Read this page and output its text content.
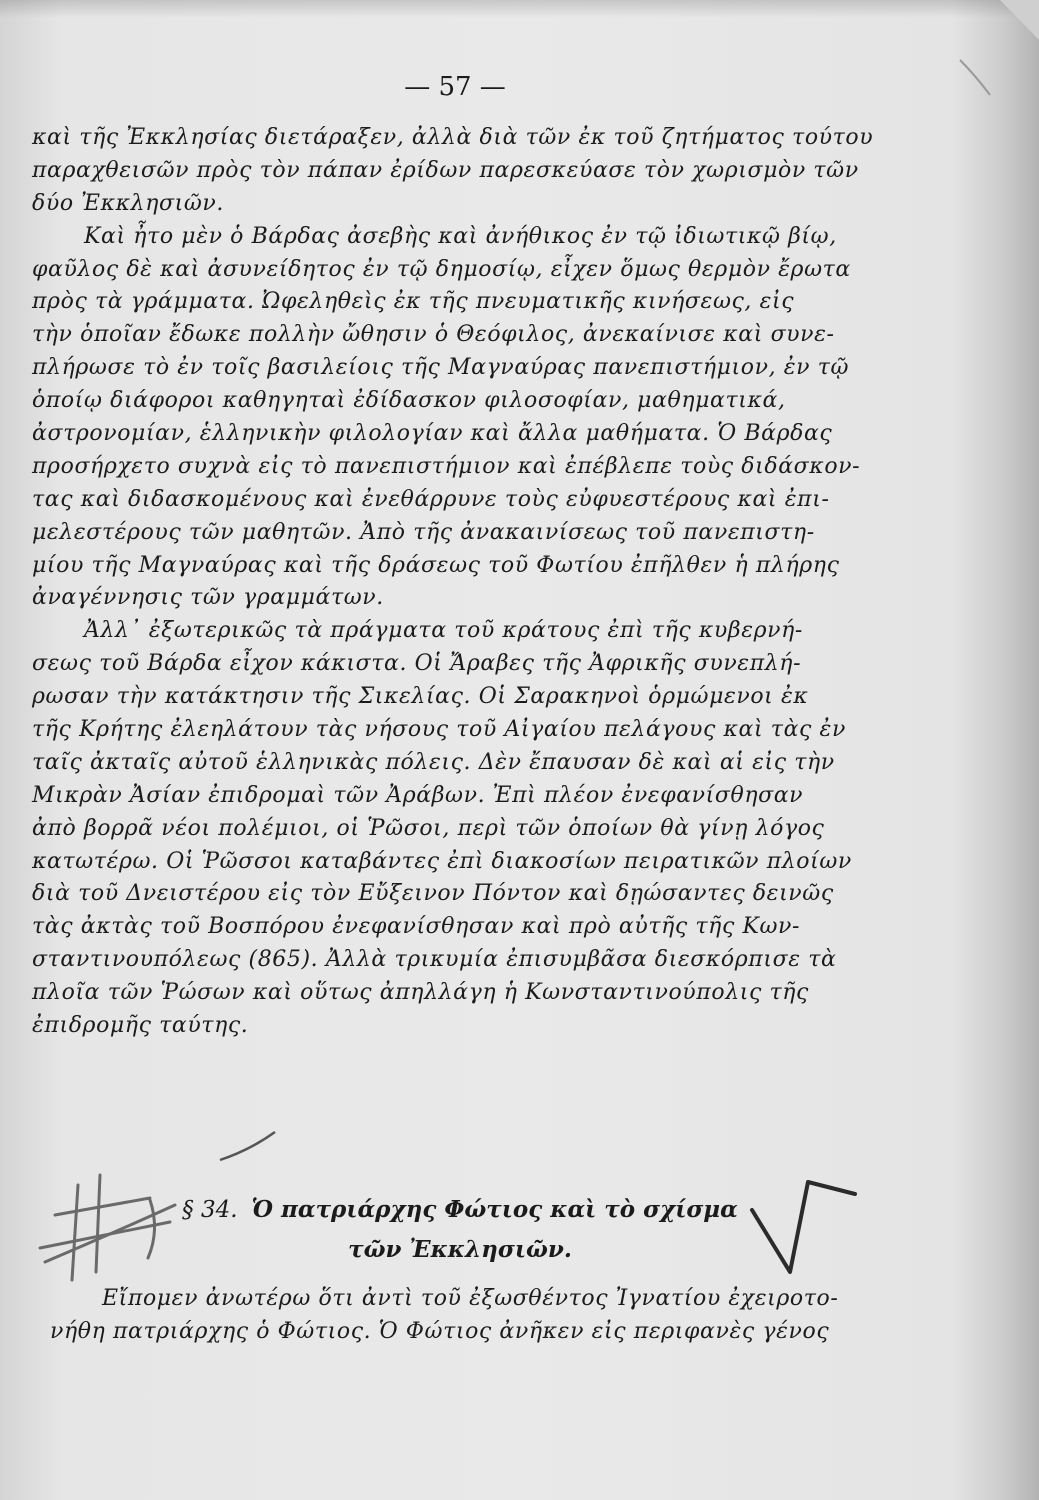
— 57 —
καὶ τῆς Ἐκκλησίας διετάραξεν, ἀλλὰ διὰ τῶν ἐκ τοῦ ζητήματος τούτου
παραχθεισῶν πρὸς τὸν πάπαν ἐρίδων παρεσκεύασε τὸν χωρισμὸν τῶν
δύο Ἐκκλησιῶν.
Καὶ ἦτο μὲν ὁ Βάρδας ἀσεβὴς καὶ ἀνήθικος ἐν τῷ ἰδιωτικῷ βίῳ,
φαῦλος δὲ καὶ ἀσυνείδητος ἐν τῷ δημοσίῳ, εἶχεν ὅμως θερμὸν ἔρωτα
πρὸς τὰ γράμματα. Ὠφεληθεὶς ἐκ τῆς πνευματικῆς κινήσεως, εἰς
τὴν ὁποῖαν ἔδωκε πολλὴν ὤθησιν ὁ Θεόφιλος, ἀνεκαίνισε καὶ συνε-
πλήρωσε τὸ ἐν τοῖς βασιλείοις τῆς Μαγναύρας πανεπιστήμιον, ἐν τῷ
ὁποίῳ διάφοροι καθηγηταὶ ἐδίδασκον φιλοσοφίαν, μαθηματικά,
ἀστρονομίαν, ἑλληνικὴν φιλολογίαν καὶ ἄλλα μαθήματα. Ὁ Βάρδας
προσήρχετο συχνὰ εἰς τὸ πανεπιστήμιον καὶ ἐπέβλεπε τοὺς διδάσκον-
τας καὶ διδασκομένους καὶ ἐνεθάρρυνε τοὺς εὐφυεστέρους καὶ ἐπι-
μελεστέρους τῶν μαθητῶν. Ἀπὸ τῆς ἀνακαινίσεως τοῦ πανεπιστη-
μίου τῆς Μαγναύρας καὶ τῆς δράσεως τοῦ Φωτίου ἐπῆλθεν ἡ πλήρης
ἀναγέννησις τῶν γραμμάτων.
Ἀλλ᾽ ἐξωτερικῶς τὰ πράγματα τοῦ κράτους ἐπὶ τῆς κυβερνή-
σεως τοῦ Βάρδα εἶχον κάκιστα. Οἱ Ἄραβες τῆς Ἀφρικῆς συνεπλή-
ρωσαν τὴν κατάκτησιν τῆς Σικελίας. Οἱ Σαρακηνοὶ ὁρμώμενοι ἐκ
τῆς Κρήτης ἐλεηλάτουν τὰς νήσους τοῦ Αἰγαίου πελάγους καὶ τὰς ἐν
ταῖς ἀκταῖς αὐτοῦ ἑλληνικὰς πόλεις. Δὲν ἔπαυσαν δὲ καὶ αἱ εἰς τὴν
Μικρὰν Ἀσίαν ἐπιδρομαὶ τῶν Ἀράβων. Ἐπὶ πλέον ἐνεφανίσθησαν
ἀπὸ βορρᾶ νέοι πολέμιοι, οἱ Ῥῶσοι, περὶ τῶν ὁποίων θὰ γίνῃ λόγος
κατωτέρω. Οἱ Ῥῶσσοι καταβάντες ἐπὶ διακοσίων πειρατικῶν πλοίων
διὰ τοῦ Δνειστέρου εἰς τὸν Εὔξεινον Πόντον καὶ δῃώσαντες δεινῶς
τὰς ἀκτὰς τοῦ Βοσπόρου ἐνεφανίσθησαν καὶ πρὸ αὐτῆς τῆς Κων-
σταντινουπόλεως (865). Ἀλλὰ τρικυμία ἐπισυμβᾶσα διεσκόρπισε τὰ
πλοῖα τῶν Ῥώσων καὶ οὕτως ἀπηλλάγη ἡ Κωνσταντινούπολις τῆς
ἐπιδρομῆς ταύτης.
§ 34. Ὁ πατριάρχης Φώτιος καὶ τὸ σχίσμα
τῶν Ἐκκλησιῶν.
Εἴπομεν ἀνωτέρω ὅτι ἀντὶ τοῦ ἐξωσθέντος Ἰγνατίου ἐχειροτο-
νήθη πατριάρχης ὁ Φώτιος. Ὁ Φώτιος ἀνῆκεν εἰς περιφανὲς γένος
